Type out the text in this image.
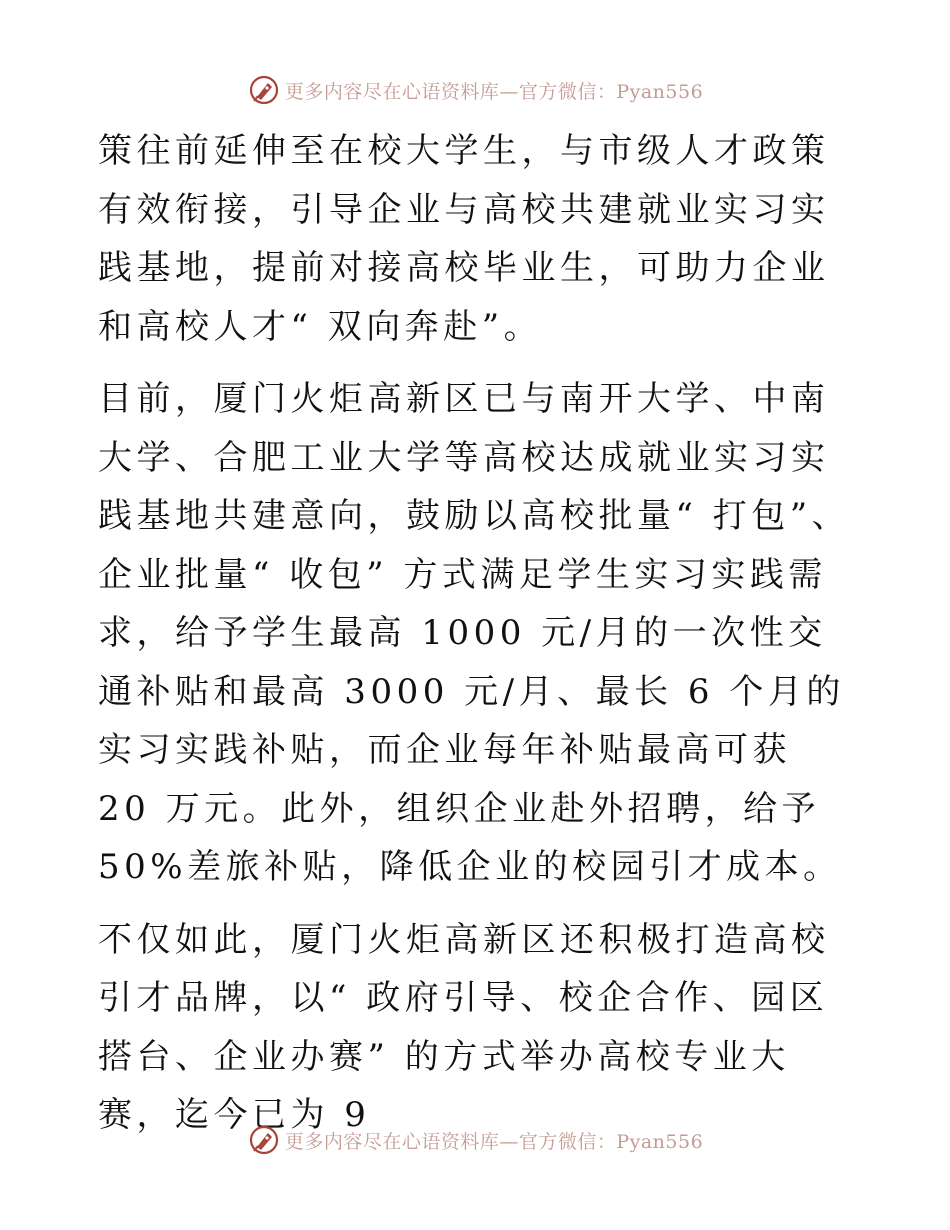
更多内容尽在心语资料库—官方微信：Pyan556

策往前延伸至在校大学生，与市级人才政策有效衔接，引导企业与高校共建就业实习实践基地，提前对接高校毕业生，可助力企业和高校人才“ 双向奔赴”。

目前，厦门火炬高新区已与南开大学、中南大学、合肥工业大学等高校达成就业实习实践基地共建意向，鼓励以高校批量“ 打包”、企业批量“ 收包” 方式满足学生实习实践需求，给予学生最高 1000 元/月的一次性交通补贴和最高 3000 元/月、最长 6 个月的实习实践补贴，而企业每年补贴最高可获 20 万元。此外，组织企业赴外招聘，给予 50%差旅补贴，降低企业的校园引才成本。

不仅如此，厦门火炬高新区还积极打造高校引才品牌，以“ 政府引导、校企合作、园区搭台、企业办赛” 的方式举办高校专业大赛，迄今已为 9

更多内容尽在心语资料库—官方微信：Pyan556
